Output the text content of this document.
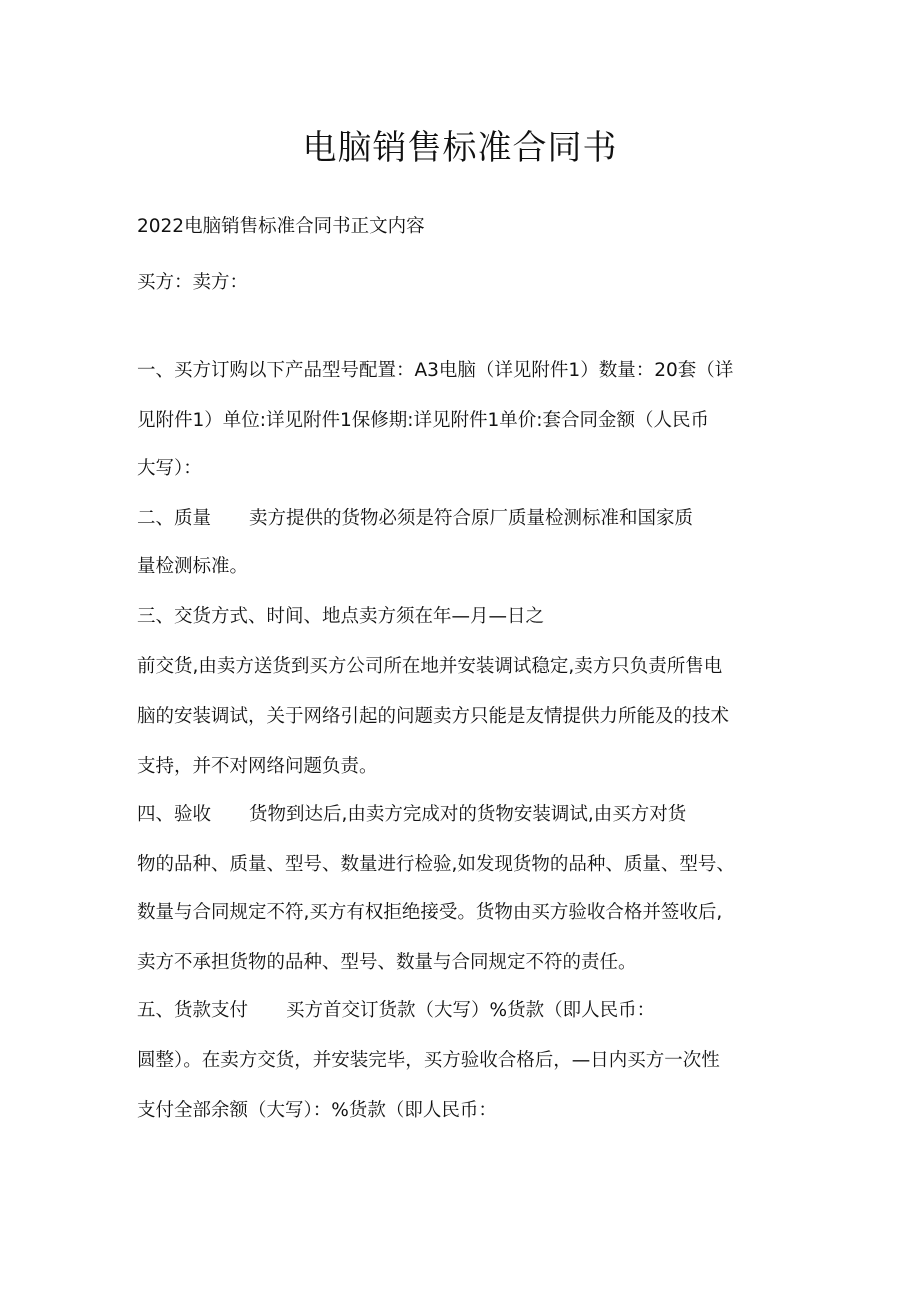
电脑销售标准合同书
2022电脑销售标准合同书正文内容
买方：卖方：
一、买方订购以下产品型号配置：A3电脑（详见附件1）数量：20套（详
见附件1）单位:详见附件1保修期:详见附件1单价:套合同金额（人民币
大写）：
二、质量 卖方提供的货物必须是符合原厂质量检测标准和国家质
量检测标准。
三、交货方式、时间、地点卖方须在年—月—日之
前交货,由卖方送货到买方公司所在地并安装调试稳定,卖方只负责所售电
脑的安装调试，关于网络引起的问题卖方只能是友情提供力所能及的技术
支持，并不对网络问题负责。
四、验收 货物到达后,由卖方完成对的货物安装调试,由买方对货
物的品种、质量、型号、数量进行检验,如发现货物的品种、质量、型号、
数量与合同规定不符,买方有权拒绝接受。货物由买方验收合格并签收后,
卖方不承担货物的品种、型号、数量与合同规定不符的责任。
五、货款支付 买方首交订货款（大写）%货款（即人民币：
圆整）。在卖方交货，并安装完毕，买方验收合格后，—日内买方一次性
支付全部余额（大写）：%货款（即人民币：
